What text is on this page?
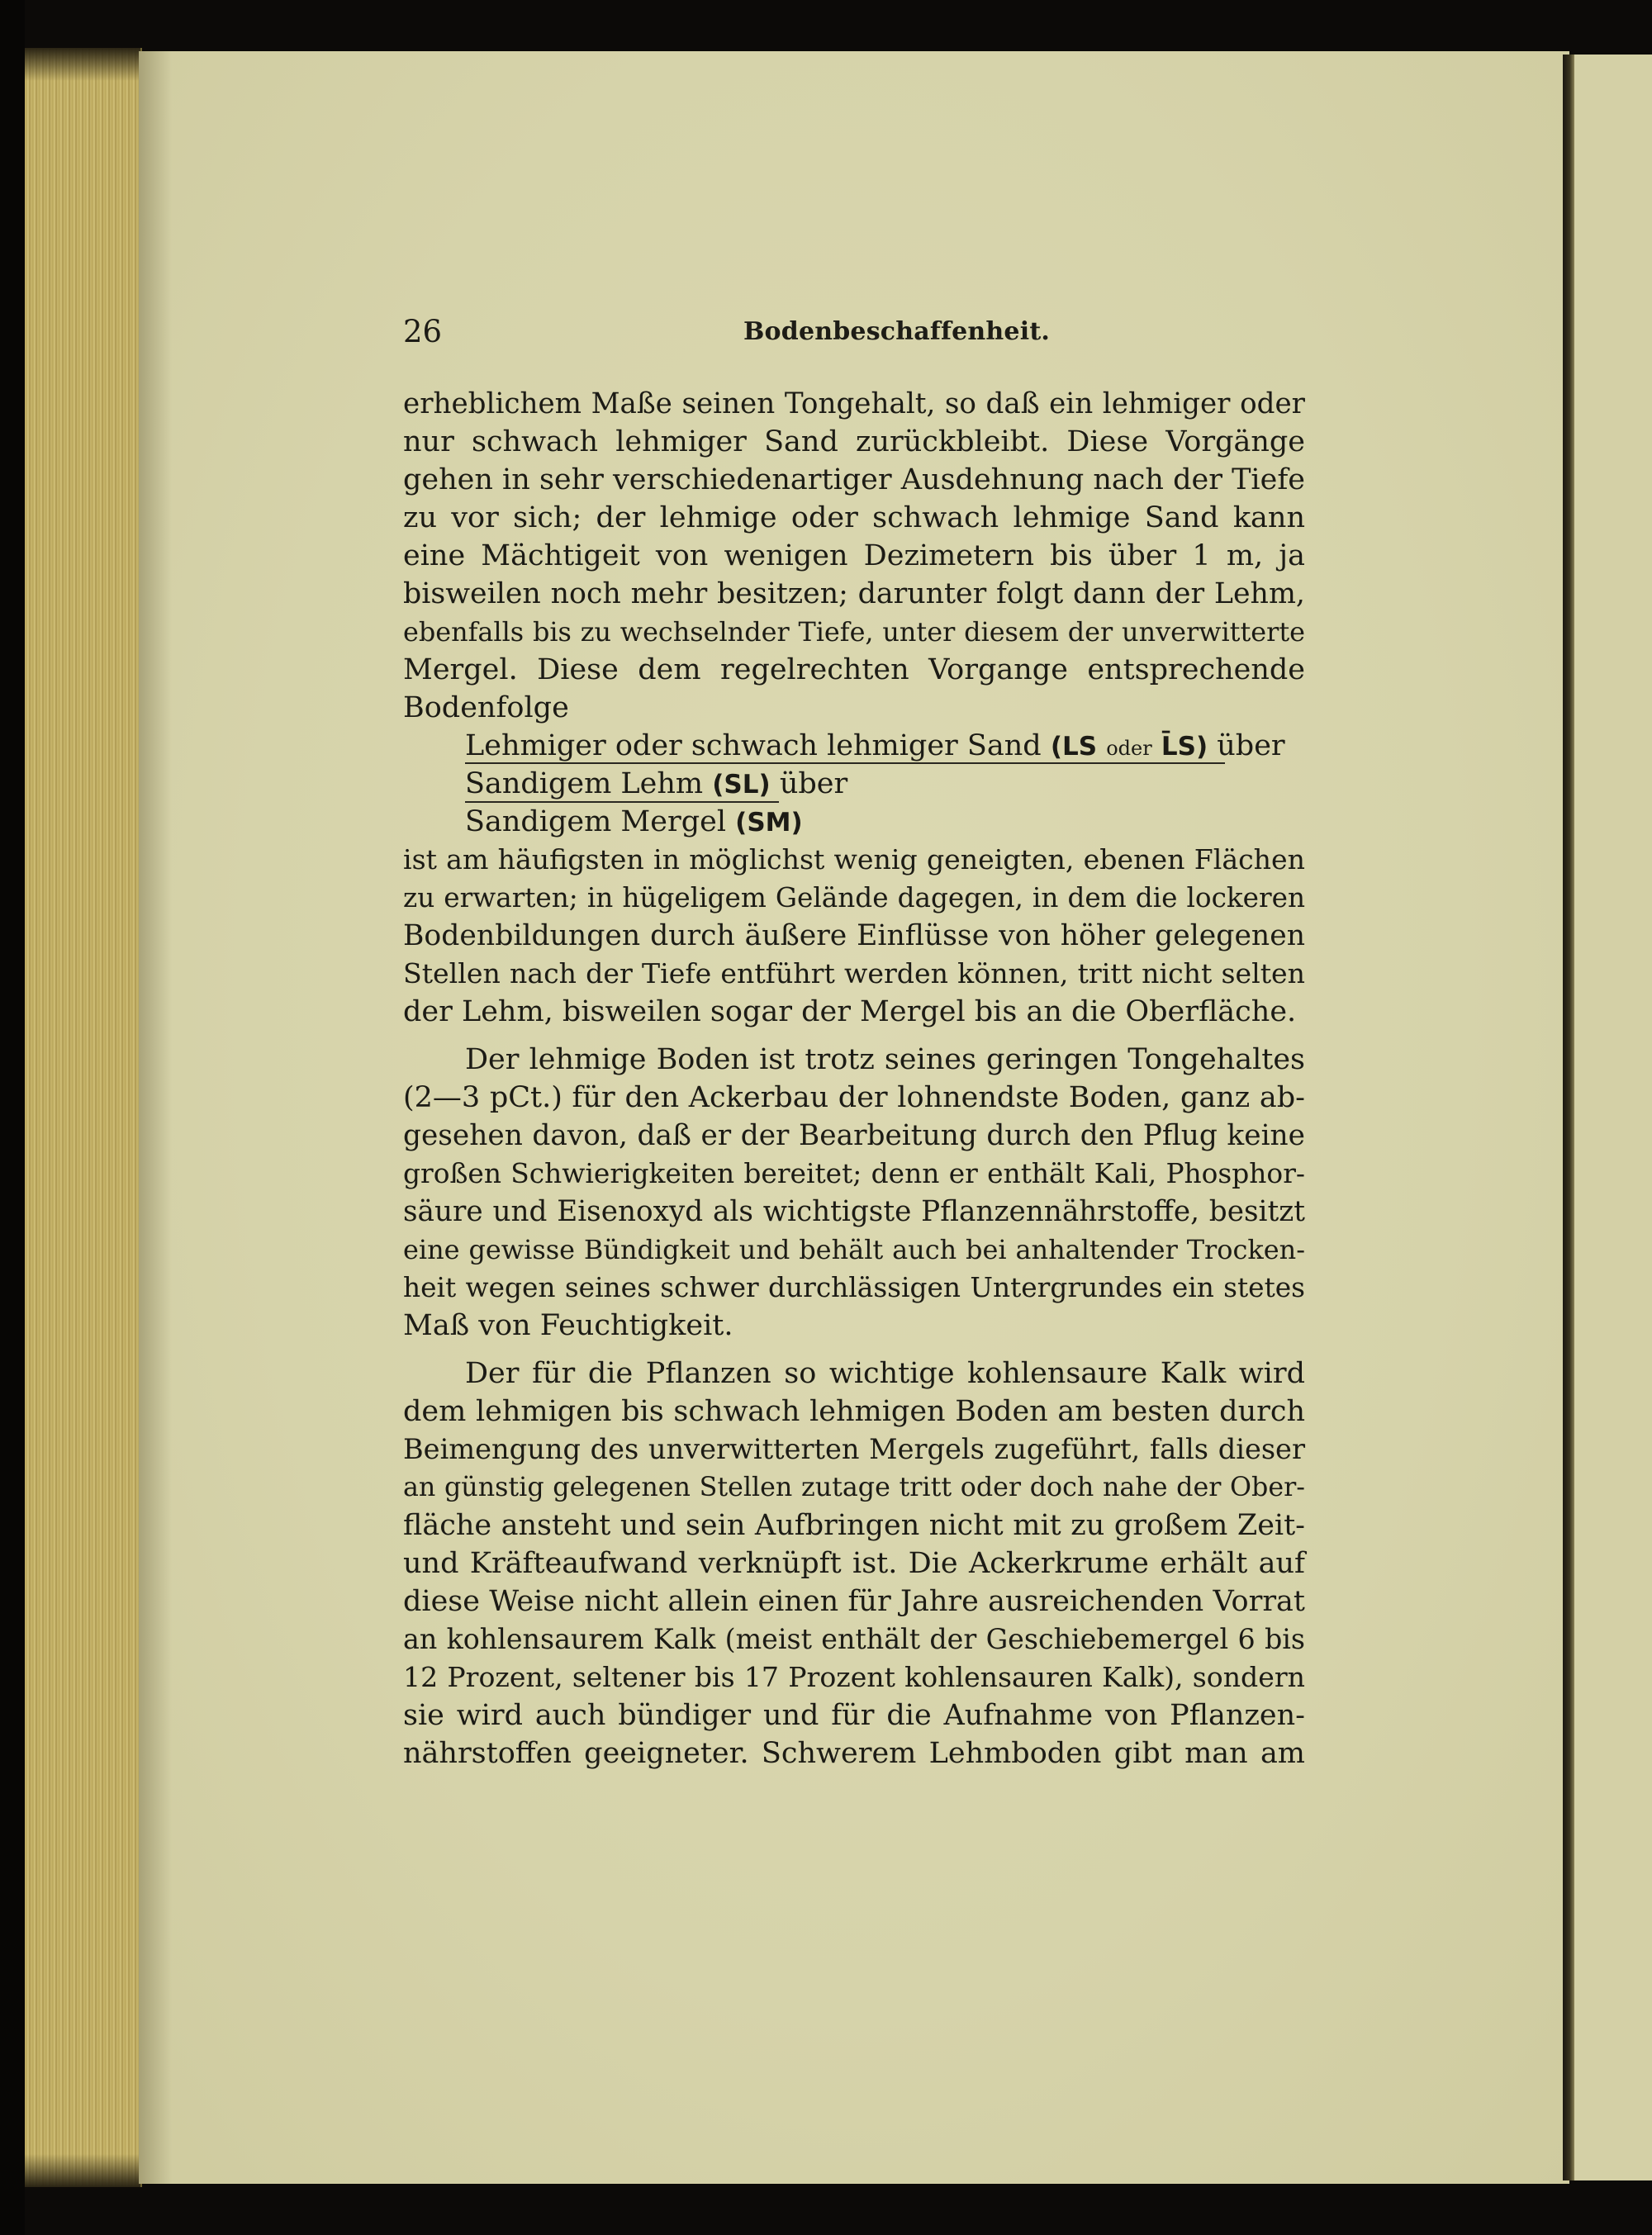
26	Bodenbeschaffenheit.
erheblichem Maße seinen Tongehalt, so daß ein lehmiger oder
nur schwach lehmiger Sand zurückbleibt. Diese Vorgänge
gehen in sehr verschiedenartiger Ausdehnung nach der Tiefe
zu vor sich; der lehmige oder schwach lehmige Sand kann
eine Mächtigeit von wenigen Dezimetern bis über 1 m, ja
bisweilen noch mehr besitzen; darunter folgt dann der Lehm,
ebenfalls bis zu wechselnder Tiefe, unter diesem der unverwitterte
Mergel. Diese dem regelrechten Vorgange entsprechende
Bodenfolge
Lehmiger oder schwach lehmiger Sand (LS oder L̄S) über
Sandigem Lehm (SL) über
Sandigem Mergel (SM)
ist am häufigsten in möglichst wenig geneigten, ebenen Flächen
zu erwarten; in hügeligem Gelände dagegen, in dem die lockeren
Bodenbildungen durch äußere Einflüsse von höher gelegenen
Stellen nach der Tiefe entführt werden können, tritt nicht selten
der Lehm, bisweilen sogar der Mergel bis an die Oberfläche.
Der lehmige Boden ist trotz seines geringen Tongehaltes
(2—3 pCt.) für den Ackerbau der lohnendste Boden, ganz ab-
gesehen davon, daß er der Bearbeitung durch den Pflug keine
großen Schwierigkeiten bereitet; denn er enthält Kali, Phosphor-
säure und Eisenoxyd als wichtigste Pflanzennährstoffe, besitzt
eine gewisse Bündigkeit und behält auch bei anhaltender Trocken-
heit wegen seines schwer durchlässigen Untergrundes ein stetes
Maß von Feuchtigkeit.
Der für die Pflanzen so wichtige kohlensaure Kalk wird
dem lehmigen bis schwach lehmigen Boden am besten durch
Beimengung des unverwitterten Mergels zugeführt, falls dieser
an günstig gelegenen Stellen zutage tritt oder doch nahe der Ober-
fläche ansteht und sein Aufbringen nicht mit zu großem Zeit-
und Kräfteaufwand verknüpft ist. Die Ackerkrume erhält auf
diese Weise nicht allein einen für Jahre ausreichenden Vorrat
an kohlensaurem Kalk (meist enthält der Geschiebemergel 6 bis
12 Prozent, seltener bis 17 Prozent kohlensauren Kalk), sondern
sie wird auch bündiger und für die Aufnahme von Pflanzen-
nährstoffen geeigneter. Schwerem Lehmboden gibt man am
